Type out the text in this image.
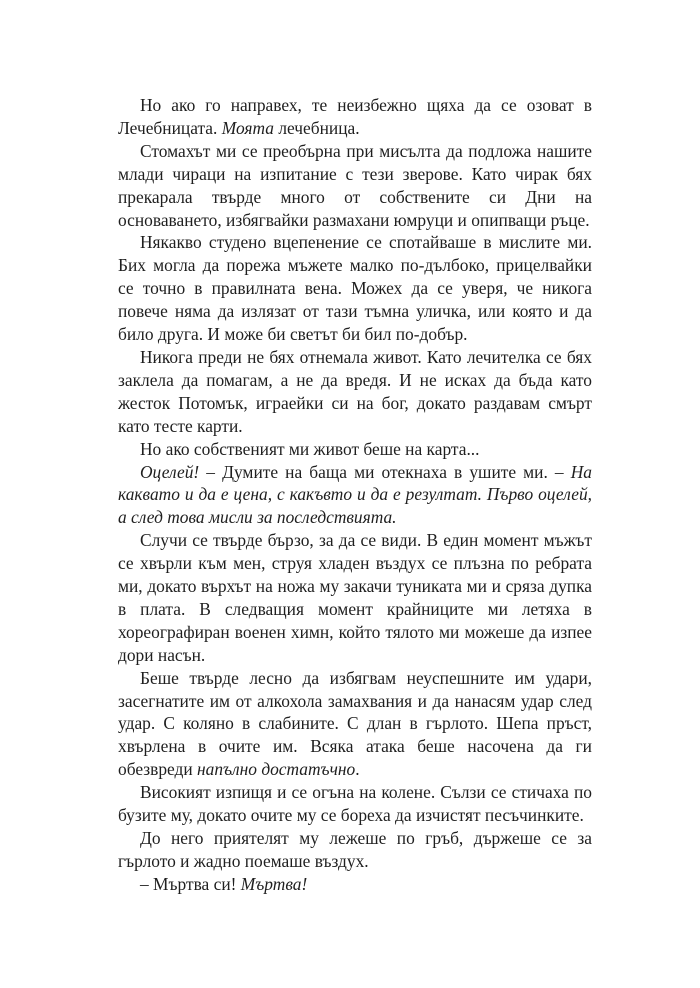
Но ако го направех, те неизбежно щяха да се озоват в Лечебницата. Моята лечебница.

Стомахът ми се преобърна при мисълта да подложа нашите млади чираци на изпитание с тези зверове. Като чирак бях прекарала твърде много от собствените си Дни на основаването, избягвайки размахани юмруци и опипващи ръце.

Някакво студено вцепенение се спотайваше в мислите ми. Бих могла да порежа мъжете малко по-дълбоко, прицелвайки се точно в правилната вена. Можех да се уверя, че никога повече няма да излязат от тази тъмна уличка, или която и да било друга. И може би светът би бил по-добър.

Никога преди не бях отнемала живот. Като лечителка се бях заклела да помагам, а не да вредя. И не исках да бъда като жесток Потомък, играейки си на бог, докато раздавам смърт като тесте карти.

Но ако собственият ми живот беше на карта...

Оцелей! – Думите на баща ми отекнаха в ушите ми. – На каквато и да е цена, с какъвто и да е резултат. Първо оцелей, а след това мисли за последствията.

Случи се твърде бързо, за да се види. В един момент мъжът се хвърли към мен, струя хладен въздух се плъзна по ребрата ми, докато върхът на ножа му закачи туниката ми и сряза дупка в плата. В следващия момент крайниците ми летяха в хореографиран военен химн, който тялото ми можеше да изпее дори насън.

Беше твърде лесно да избягвам неуспешните им удари, засегнатите им от алкохола замахвания и да нанасям удар след удар. С коляно в слабините. С длан в гърлото. Шепа пръст, хвърлена в очите им. Всяка атака беше насочена да ги обезвреди напълно достатъчно.

Високият изпищя и се огъна на колене. Сълзи се стичаха по бузите му, докато очите му се бореха да изчистят песъчинките.

До него приятелят му лежеше по гръб, държеше се за гърлото и жадно поемаше въздух.

– Мъртва си! Мъртва!
